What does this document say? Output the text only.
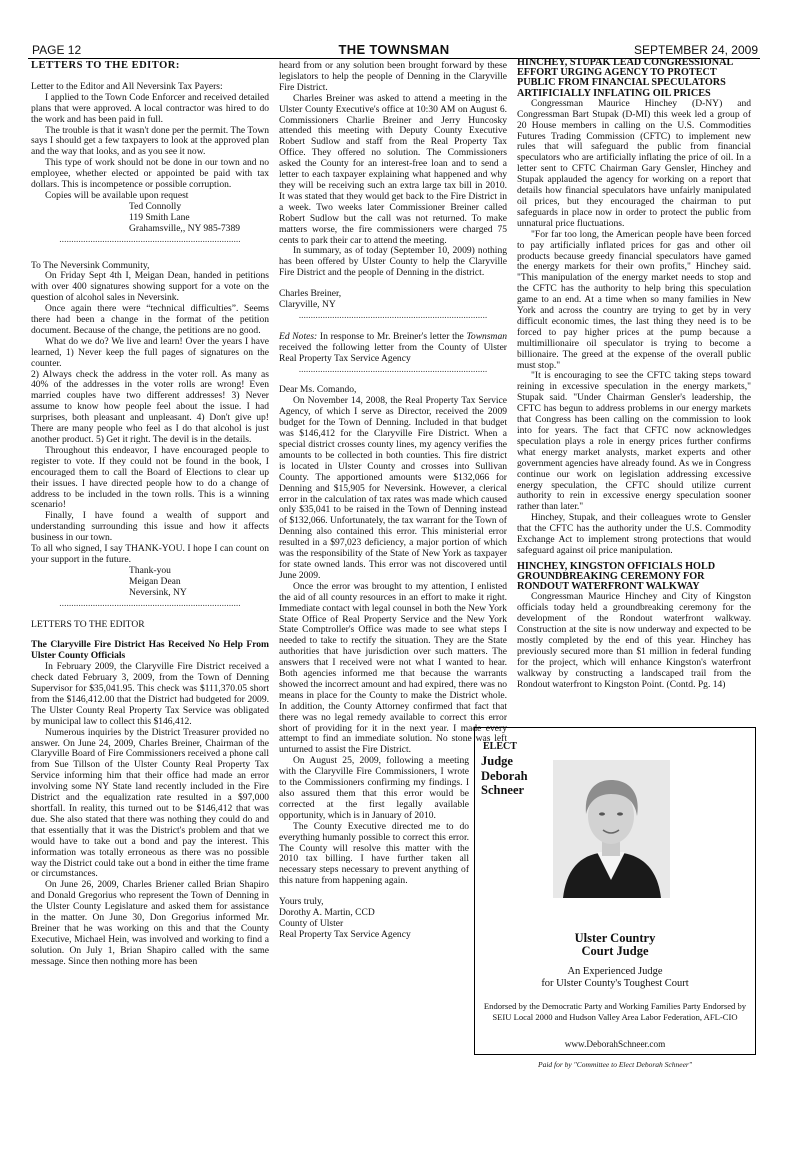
PAGE 12	THE TOWNSMAN	SEPTEMBER 24, 2009

LETTERS TO THE EDITOR:

Letter to the Editor and All Neversink Tax Payers:

I applied to the Town Code Enforcer and received detailed plans that were approved. A local contractor was hired to do the work and has been paid in full.

The trouble is that it wasn't done per the permit. The Town says I should get a few taxpayers to look at the approved plan and the way that looks, and as you see it now.

This type of work should not be done in our town and no employee, whether elected or appointed be paid with tax dollars. This is incompetence or possible corruption.

Copies will be available upon request

Ted Connolly

119 Smith Lane

Grahamsville,, NY 985-7389

............................................................................

To The Neversink Community,

On Friday Sept 4th I, Meigan Dean, handed in petitions with over 400 signatures showing support for a vote on the question of alcohol sales in Neversink.

Once again there were “technical difficulties”. Seems there had been a change in the format of the petition document. Because of the change, the petitions are no good.

What do we do? We live and learn! Over the years I have learned, 1) Never keep the full pages of signatures on the counter.

2) Always check the address in the voter roll. As many as 40% of the addresses in the voter rolls are wrong! Even married couples have two different addresses! 3) Never assume to know how people feel about the issue. I had surprises, both pleasant and unpleasant. 4) Don't give up! There are many people who feel as I do that alcohol is just another product. 5) Get it right. The devil is in the details.

Throughout this endeavor, I have encouraged people to register to vote. If they could not be found in the book, I encouraged them to call the Board of Elections to clear up their issues. I have directed people how to do a change of address to be included in the town rolls. This is a winning scenario!

Finally, I have found a wealth of support and understanding surrounding this issue and how it affects business in our town.

To all who signed, I say THANK-YOU. I hope I can count on your support in the future.

Thank-you

Meigan Dean

Neversink, NY

............................................................................

LETTERS TO THE EDITOR

The Claryville Fire District Has Received No Help From Ulster County Officials

In February 2009, the Claryville Fire District received a check dated February 3, 2009, from the Town of Denning Supervisor for $35,041.95. This check was $111,370.05 short from the $146,412.00 that the District had budgeted for 2009. The Ulster County Real Property Tax Service was obligated by municipal law to collect this $146,412.

Numerous inquiries by the District Treasurer provided no answer. On June 24, 2009, Charles Breiner, Chairman of the Claryville Board of Fire Commissioners received a phone call from Sue Tillson of the Ulster County Real Property Tax Service informing him that their office had made an error involving some NY State land recently included in the Fire District and the equalization rate resulted in a $97,000 shortfall. In reality, this turned out to be $146,412 that was due. She also stated that there was nothing they could do and that essentially that it was the District's problem and that we would have to take out a bond and pay the interest. This information was totally erroneous as there was no possible way the District could take out a bond in either the time frame or circumstances.

On June 26, 2009, Charles Briener called Brian Shapiro and Donald Gregorius who represent the Town of Denning in the Ulster County Legislature and asked them for assistance in the matter. On June 30, Don Gregorius informed Mr. Breiner that he was working on this and that the County Executive, Michael Hein, was involved and working to find a solution. On July 1, Brian Shapiro called with the same message. Since then nothing more has been

heard from or any solution been brought forward by these legislators to help the people of Denning in the Claryville Fire District.

Charles Breiner was asked to attend a meeting in the Ulster County Executive's office at 10:30 AM on August 6. Commissioners Charlie Breiner and Jerry Huncosky attended this meeting with Deputy County Executive Robert Sudlow and staff from the Real Property Tax Office. They offered no solution. The Commissioners asked the County for an interest-free loan and to send a letter to each taxpayer explaining what happened and why they will be receiving such an extra large tax bill in 2010. It was stated that they would get back to the Fire District in a week. Two weeks later Commissioner Breiner called Robert Sudlow but the call was not returned. To make matters worse, the fire commissioners were charged 75 cents to park their car to attend the meeting.

In summary, as of today (September 10, 2009) nothing has been offered by Ulster County to help the Claryville Fire District and the people of Denning in the district.

Charles Breiner,

Claryville, NY

...............................................................................

Ed Notes: In response to Mr. Breiner's letter the Townsman received the following letter from the County of Ulster Real Property Tax Service Agency

...............................................................................

Dear Ms. Comando,

On November 14, 2008, the Real Property Tax Service Agency, of which I serve as Director, received the 2009 budget for the Town of Denning. Included in that budget was $146,412 for the Claryville Fire District. When a special district crosses county lines, my agency verifies the amounts to be collected in both counties. This fire district is located in Ulster County and crosses into Sullivan County. The apportioned amounts were $132,066 for Denning and $15,905 for Neversink. However, a clerical error in the calculation of tax rates was made which caused only $35,041 to be raised in the Town of Denning instead of $132,066. Unfortunately, the tax warrant for the Town of Denning also contained this error. This ministerial error resulted in a $97,023 deficiency, a major portion of which was the responsibility of the State of New York as taxpayer for state owned lands. This error was not discovered until June 2009.

Once the error was brought to my attention, I enlisted the aid of all county resources in an effort to make it right. Immediate contact with legal counsel in both the New York State Office of Real Property Service and the New York State Comptroller's Office was made to see what steps I needed to take to rectify the situation. They are the State authorities that have jurisdiction over such matters. The answers that I received were not what I wanted to hear. Both agencies informed me that because the warrants showed the incorrect amount and had expired, there was no means in place for the County to make the District whole. In addition, the County Attorney confirmed that fact that there was no legal remedy available to correct this error short of providing for it in the next year. I made every attempt to find an immediate solution. No stone was left unturned to assist the Fire District.

On August 25, 2009, following a meeting with the Claryville Fire Commissioners, I wrote to the Commissioners confirming my findings. I also assured them that this error would be corrected at the first legally available opportunity, which is in January of 2010.

The County Executive directed me to do everything humanly possible to correct this error. The County will resolve this matter with the 2010 tax billing. I have further taken all necessary steps necessary to prevent anything of this nature from happening again.

Yours truly,

Dorothy A. Martin, CCD

County of Ulster

Real Property Tax Service Agency

HINCHEY, STUPAK LEAD CONGRESSIONAL EFFORT URGING AGENCY TO PROTECT PUBLIC FROM FINANCIAL SPECULATORS ARTIFICIALLY INFLATING OIL PRICES

Congressman Maurice Hinchey (D-NY) and Congressman Bart Stupak (D-MI) this week led a group of 20 House members in calling on the U.S. Commodities Futures Trading Commission (CFTC) to implement new rules that will safeguard the public from financial speculators who are artificially inflating the price of oil. In a letter sent to CFTC Chairman Gary Gensler, Hinchey and Stupak applauded the agency for working on a report that details how financial speculators have unfairly manipulated oil prices, but they encouraged the chairman to put safeguards in place now in order to protect the public from unnatural price fluctuations.

"For far too long, the American people have been forced to pay artificially inflated prices for gas and other oil products because greedy financial speculators have gamed the energy markets for their own profits," Hinchey said. "This manipulation of the energy market needs to stop and the CFTC has the authority to help bring this speculation game to an end. At a time when so many families in New York and across the country are trying to get by in very difficult economic times, the last thing they need is to be forced to pay higher prices at the pump because a multimillionaire oil speculator is trying to become a billionaire. The greed at the expense of the overall public must stop."

"It is encouraging to see the CFTC taking steps toward reining in excessive speculation in the energy markets," Stupak said. "Under Chairman Gensler's leadership, the CFTC has begun to address problems in our energy markets that Congress has been calling on the commission to look into for years. The fact that CFTC now acknowledges speculation plays a role in energy prices further confirms what energy market analysts, market experts and other government agencies have already found. As we in Congress continue our work on legislation addressing excessive energy speculation, the CFTC should utilize current authority to rein in excessive energy speculation sooner rather than later."

Hinchey, Stupak, and their colleagues wrote to Gensler that the CFTC has the authority under the U.S. Commodity Exchange Act to implement strong protections that would safeguard against oil price manipulation.

HINCHEY, KINGSTON OFFICIALS HOLD GROUNDBREAKING CEREMONY FOR RONDOUT WATERFRONT WALKWAY

Congressman Maurice Hinchey and City of Kingston officials today held a groundbreaking ceremony for the development of the Rondout waterfront walkway. Construction at the site is now underway and expected to be mostly completed by the end of this year. Hinchey has previously secured more than $1 million in federal funding for the project, which will enhance Kingston's waterfront walkway by constructing a landscaped trail from the Rondout waterfront to Kingston Point. (Contd. Pg. 14)

ELECT
Judge
Deborah
Schneer
Ulster Country
Court Judge
An Experienced Judge
for Ulster County's Toughest Court
Endorsed by the Democratic Party and Working Families Party Endorsed by SEIU Local 2000 and Hudson Valley Area Labor Federation, AFL-CIO
www.DeborahSchneer.com
Paid for by "Committee to Elect Deborah Schneer"
